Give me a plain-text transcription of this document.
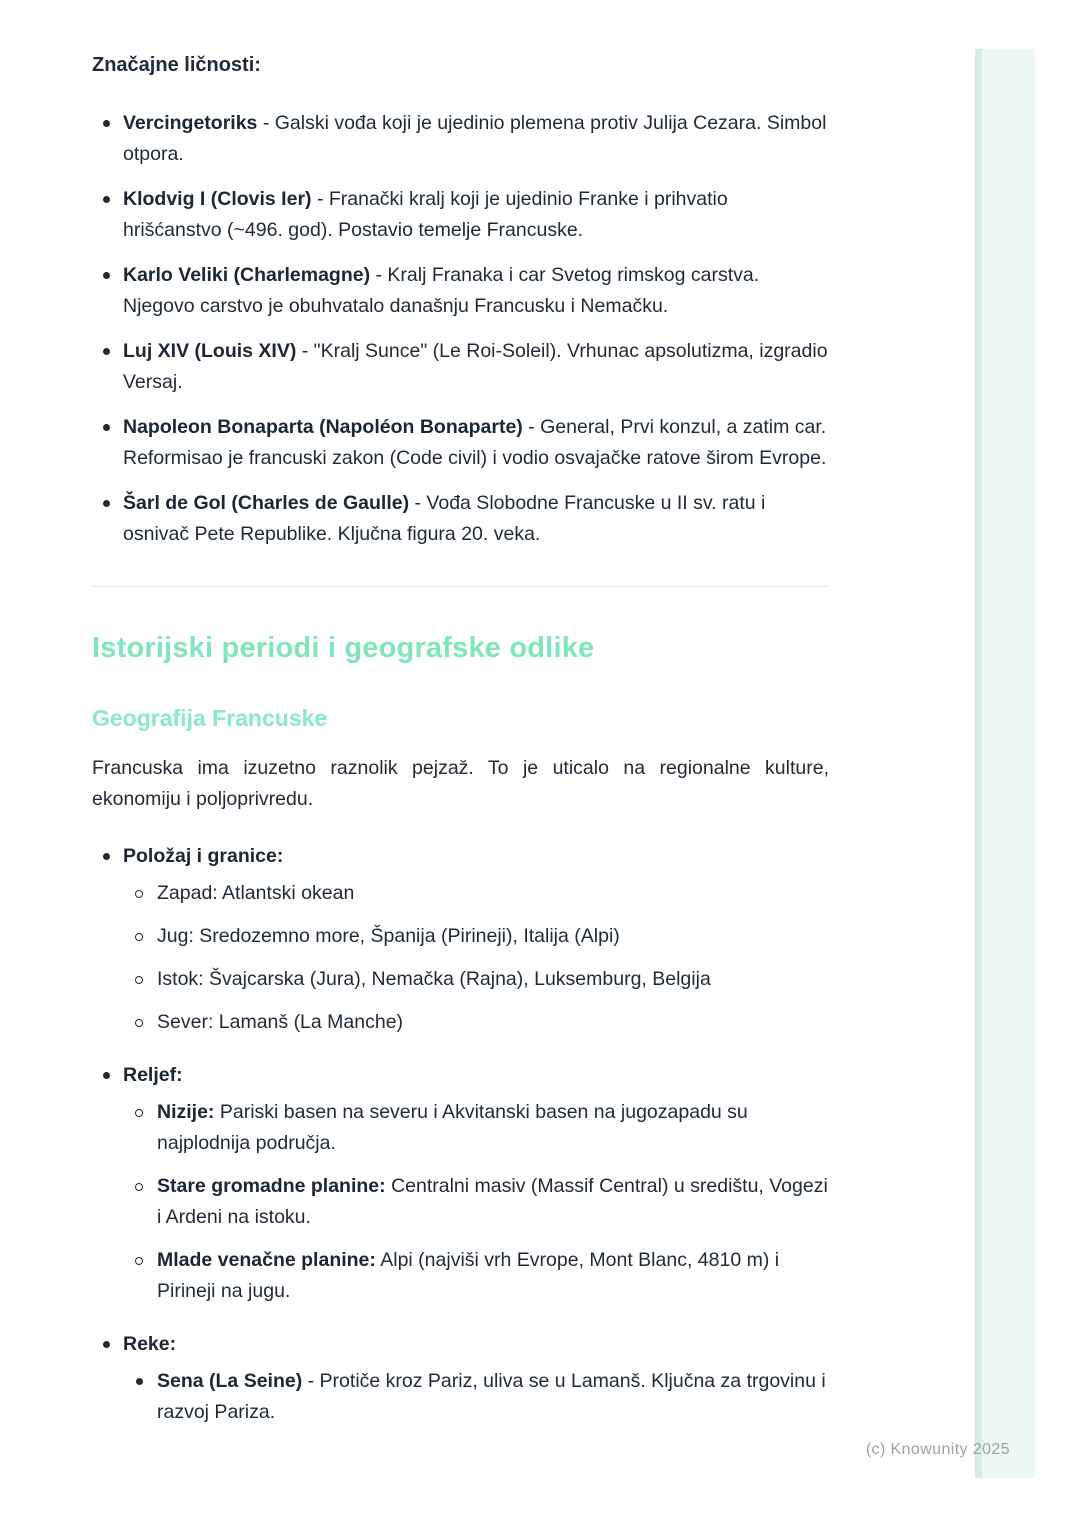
Značajne ličnosti:
Vercingetoriks - Galski vođa koji je ujedinio plemena protiv Julija Cezara. Simbol otpora.
Klodvig I (Clovis Ier) - Franački kralj koji je ujedinio Franke i prihvatio hrišćanstvo (~496. god). Postavio temelje Francuske.
Karlo Veliki (Charlemagne) - Kralj Franaka i car Svetog rimskog carstva. Njegovo carstvo je obuhvatalo današnju Francusku i Nemačku.
Luj XIV (Louis XIV) - "Kralj Sunce" (Le Roi-Soleil). Vrhunac apsolutizma, izgradio Versaj.
Napoleon Bonaparta (Napoléon Bonaparte) - General, Prvi konzul, a zatim car. Reformisao je francuski zakon (Code civil) i vodio osvajačke ratove širom Evrope.
Šarl de Gol (Charles de Gaulle) - Vođa Slobodne Francuske u II sv. ratu i osnivač Pete Republike. Ključna figura 20. veka.
Istorijski periodi i geografske odlike
Geografija Francuske

Francuska ima izuzetno raznolik pejzaž. To je uticalo na regionalne kulture, ekonomiju i poljoprivredu.

Položaj i granice:
Zapad: Atlantski okean
Jug: Sredozemno more, Španija (Pirineji), Italija (Alpi)
Istok: Švajcarska (Jura), Nemačka (Rajna), Luksemburg, Belgija
Sever: Lamanš (La Manche)
Reljef:
Nizije: Pariski basen na severu i Akvitanski basen na jugozapadu su najplodnija područja.
Stare gromadne planine: Centralni masiv (Massif Central) u središtu, Vogezi i Ardeni na istoku.
Mlade venačne planine: Alpi (najviši vrh Evrope, Mont Blanc, 4810 m) i Pirineji na jugu.
Reke:
Sena (La Seine) - Protiče kroz Pariz, uliva se u Lamanš. Ključna za trgovinu i razvoj Pariza.
(c) Knowunity 2025
